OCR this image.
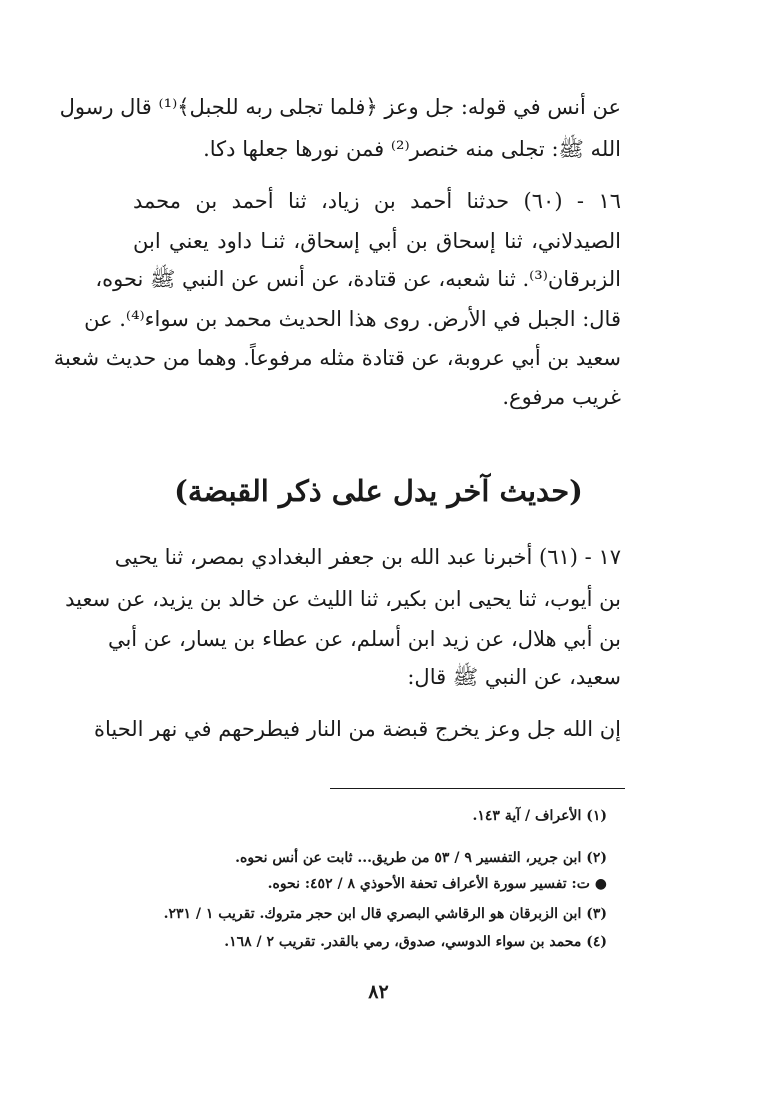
عن أنس في قوله: جل وعز ﴿فلما تجلى ربه للجبل﴾⁽¹⁾ قال رسول
الله ﷺ: تجلى منه خنصر⁽²⁾ فمن نورها جعلها دكا.
١٦ - (٦٠) حدثنا أحمد بن زياد، ثنا أحمد بن محمد
الصيدلاني، ثنا إسحاق بن أبي إسحاق، ثنـا داود يعني ابن
الزبرقان⁽³⁾. ثنا شعبه، عن قتادة، عن أنس عن النبي ﷺ نحوه،
قال: الجبل في الأرض. روى هذا الحديث محمد بن سواء⁽⁴⁾. عن
سعيد بن أبي عروبة، عن قتادة مثله مرفوعاً. وهما من حديث شعبة
غريب مرفوع.
(حديث آخر يدل على ذكر القبضة)
١٧ - (٦١) أخبرنا عبد الله بن جعفر البغدادي بمصر، ثنا يحيى
بن أيوب، ثنا يحيى ابن بكير، ثنا الليث عن خالد بن يزيد، عن سعيد
بن أبي هلال، عن زيد ابن أسلم، عن عطاء بن يسار، عن أبي
سعيد، عن النبي ﷺ قال:
إن الله جل وعز يخرج قبضة من النار فيطرحهم في نهر الحياة
(١) الأعراف / آية ١٤٣.
(٢) ابن جرير، التفسير ٩ / ٥٣ من طريق... ثابت عن أنس نحوه.
● ت: تفسير سورة الأعراف تحفة الأحوذي ٨ / ٤٥٢: نحوه.
(٣) ابن الزبرقان هو الرقاشي البصري قال ابن حجر متروك. تقريب ١ / ٢٣١.
(٤) محمد بن سواء الدوسي، صدوق، رمي بالقدر. تقريب ٢ / ١٦٨.
٨٢
